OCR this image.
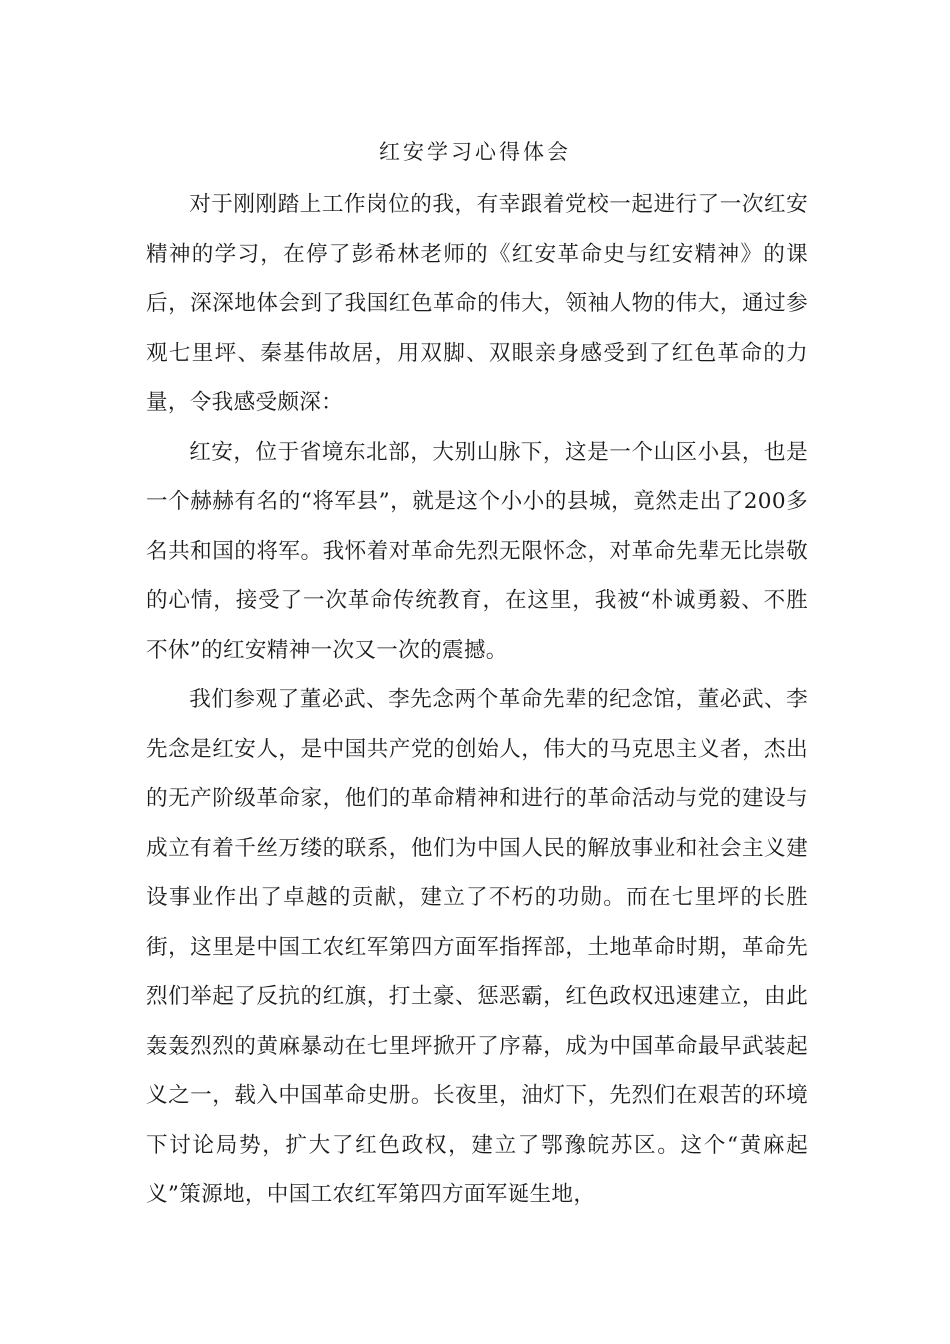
红安学习心得体会

对于刚刚踏上工作岗位的我，有幸跟着党校一起进行了一次红安精神的学习，在停了彭希林老师的《红安革命史与红安精神》的课后，深深地体会到了我国红色革命的伟大，领袖人物的伟大，通过参观七里坪、秦基伟故居，用双脚、双眼亲身感受到了红色革命的力量，令我感受颇深：

红安，位于省境东北部，大别山脉下，这是一个山区小县，也是一个赫赫有名的“将军县”，就是这个小小的县城，竟然走出了200多名共和国的将军。我怀着对革命先烈无限怀念，对革命先辈无比崇敬的心情，接受了一次革命传统教育，在这里，我被“朴诚勇毅、不胜不休”的红安精神一次又一次的震撼。

我们参观了董必武、李先念两个革命先辈的纪念馆，董必武、李先念是红安人，是中国共产党的创始人，伟大的马克思主义者，杰出的无产阶级革命家，他们的革命精神和进行的革命活动与党的建设与成立有着千丝万缕的联系，他们为中国人民的解放事业和社会主义建设事业作出了卓越的贡献，建立了不朽的功勋。而在七里坪的长胜街，这里是中国工农红军第四方面军指挥部，土地革命时期，革命先烈们举起了反抗的红旗，打土豪、惩恶霸，红色政权迅速建立，由此轰轰烈烈的黄麻暴动在七里坪掀开了序幕，成为中国革命最早武装起义之一，载入中国革命史册。长夜里，油灯下，先烈们在艰苦的环境下讨论局势，扩大了红色政权，建立了鄂豫皖苏区。这个“黄麻起义”策源地，中国工农红军第四方面军诞生地，
